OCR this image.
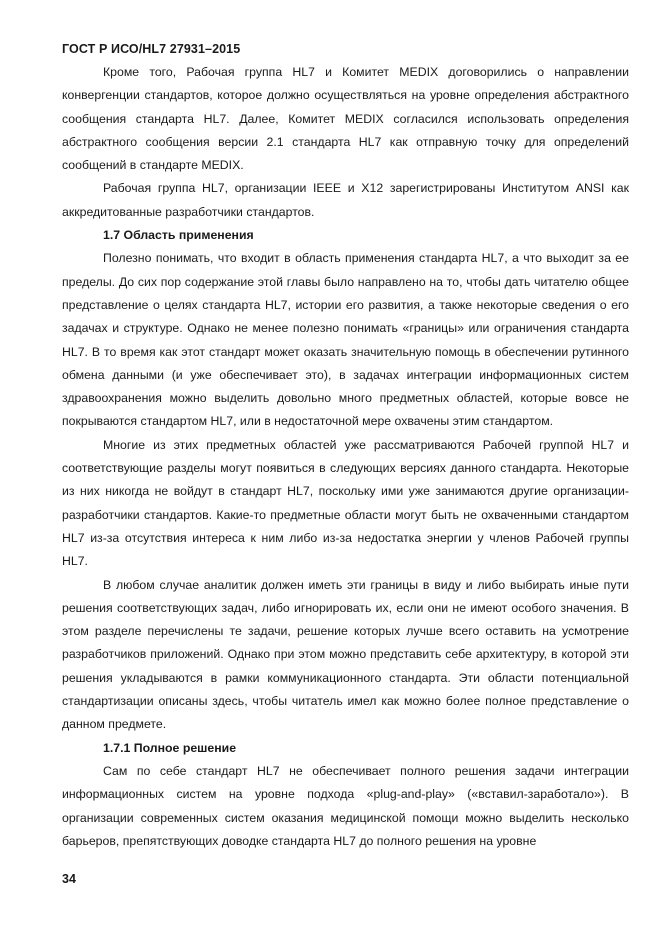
ГОСТ Р ИСО/HL7 27931–2015

Кроме того, Рабочая группа HL7 и Комитет MEDIX договорились о направлении конвергенции стандартов, которое должно осуществляться на уровне определения абстрактного сообщения стандарта HL7. Далее, Комитет MEDIX согласился использовать определения абстрактного сообщения версии 2.1 стандарта HL7 как отправную точку для определений сообщений в стандарте MEDIX.

Рабочая группа HL7, организации IEEE и X12 зарегистрированы Институтом ANSI как аккредитованные разработчики стандартов.

1.7 Область применения

Полезно понимать, что входит в область применения стандарта HL7, а что выходит за ее пределы. До сих пор содержание этой главы было направлено на то, чтобы дать читателю общее представление о целях стандарта HL7, истории его развития, а также некоторые сведения о его задачах и структуре. Однако не менее полезно понимать «границы» или ограничения стандарта HL7. В то время как этот стандарт может оказать значительную помощь в обеспечении рутинного обмена данными (и уже обеспечивает это), в задачах интеграции информационных систем здравоохранения можно выделить довольно много предметных областей, которые вовсе не покрываются стандартом HL7, или в недостаточной мере охвачены этим стандартом.

Многие из этих предметных областей уже рассматриваются Рабочей группой HL7 и соответствующие разделы могут появиться в следующих версиях данного стандарта. Некоторые из них никогда не войдут в стандарт HL7, поскольку ими уже занимаются другие организации-разработчики стандартов. Какие-то предметные области могут быть не охваченными стандартом HL7 из-за отсутствия интереса к ним либо из-за недостатка энергии у членов Рабочей группы HL7.

В любом случае аналитик должен иметь эти границы в виду и либо выбирать иные пути решения соответствующих задач, либо игнорировать их, если они не имеют особого значения. В этом разделе перечислены те задачи, решение которых лучше всего оставить на усмотрение разработчиков приложений. Однако при этом можно представить себе архитектуру, в которой эти решения укладываются в рамки коммуникационного стандарта. Эти области потенциальной стандартизации описаны здесь, чтобы читатель имел как можно более полное представление о данном предмете.

1.7.1 Полное решение

Сам по себе стандарт HL7 не обеспечивает полного решения задачи интеграции информационных систем на уровне подхода «plug-and-play» («вставил-заработало»). В организации современных систем оказания медицинской помощи можно выделить несколько барьеров, препятствующих доводке стандарта HL7 до полного решения на уровне

34
